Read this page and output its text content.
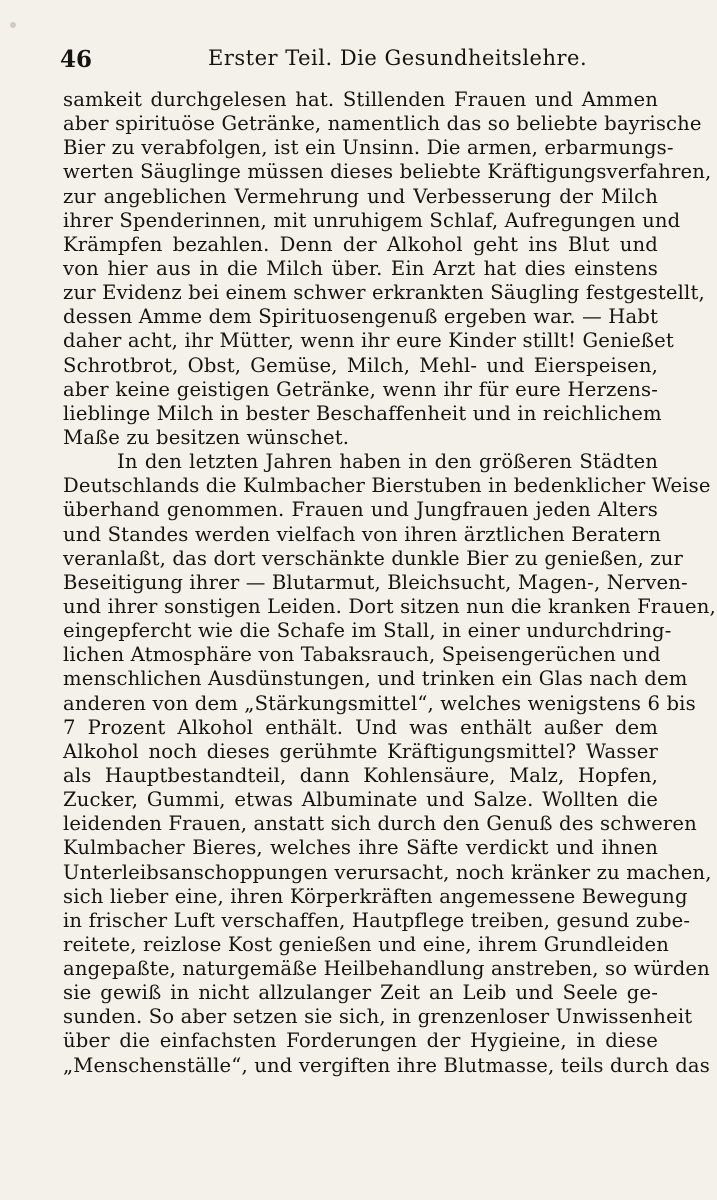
46	Erster Teil. Die Gesundheitslehre.
samkeit durchgelesen hat. Stillenden Frauen und Ammen
aber spirituöse Getränke, namentlich das so beliebte bayrische
Bier zu verabfolgen, ist ein Unsinn. Die armen, erbarmungs-
werten Säuglinge müssen dieses beliebte Kräftigungsverfahren,
zur angeblichen Vermehrung und Verbesserung der Milch
ihrer Spenderinnen, mit unruhigem Schlaf, Aufregungen und
Krämpfen bezahlen. Denn der Alkohol geht ins Blut und
von hier aus in die Milch über. Ein Arzt hat dies einstens
zur Evidenz bei einem schwer erkrankten Säugling festgestellt,
dessen Amme dem Spirituosengenuß ergeben war. — Habt
daher acht, ihr Mütter, wenn ihr eure Kinder stillt! Genießet
Schrotbrot, Obst, Gemüse, Milch, Mehl- und Eierspeisen,
aber keine geistigen Getränke, wenn ihr für eure Herzens-
lieblinge Milch in bester Beschaffenheit und in reichlichem
Maße zu besitzen wünschet.
In den letzten Jahren haben in den größeren Städten
Deutschlands die Kulmbacher Bierstuben in bedenklicher Weise
überhand genommen. Frauen und Jungfrauen jeden Alters
und Standes werden vielfach von ihren ärztlichen Beratern
veranlaßt, das dort verschänkte dunkle Bier zu genießen, zur
Beseitigung ihrer — Blutarmut, Bleichsucht, Magen-, Nerven-
und ihrer sonstigen Leiden. Dort sitzen nun die kranken Frauen,
eingepfercht wie die Schafe im Stall, in einer undurchdring-
lichen Atmosphäre von Tabaksrauch, Speisengerüchen und
menschlichen Ausdünstungen, und trinken ein Glas nach dem
anderen von dem „Stärkungsmittel“, welches wenigstens 6 bis
7 Prozent Alkohol enthält. Und was enthält außer dem
Alkohol noch dieses gerühmte Kräftigungsmittel? Wasser
als Hauptbestandteil, dann Kohlensäure, Malz, Hopfen,
Zucker, Gummi, etwas Albuminate und Salze. Wollten die
leidenden Frauen, anstatt sich durch den Genuß des schweren
Kulmbacher Bieres, welches ihre Säfte verdickt und ihnen
Unterleibsanschoppungen verursacht, noch kränker zu machen,
sich lieber eine, ihren Körperkräften angemessene Bewegung
in frischer Luft verschaffen, Hautpflege treiben, gesund zube-
reitete, reizlose Kost genießen und eine, ihrem Grundleiden
angepaßte, naturgemäße Heilbehandlung anstreben, so würden
sie gewiß in nicht allzulanger Zeit an Leib und Seele ge-
sunden. So aber setzen sie sich, in grenzenloser Unwissenheit
über die einfachsten Forderungen der Hygieine, in diese
„Menschenställe“, und vergiften ihre Blutmasse, teils durch das
